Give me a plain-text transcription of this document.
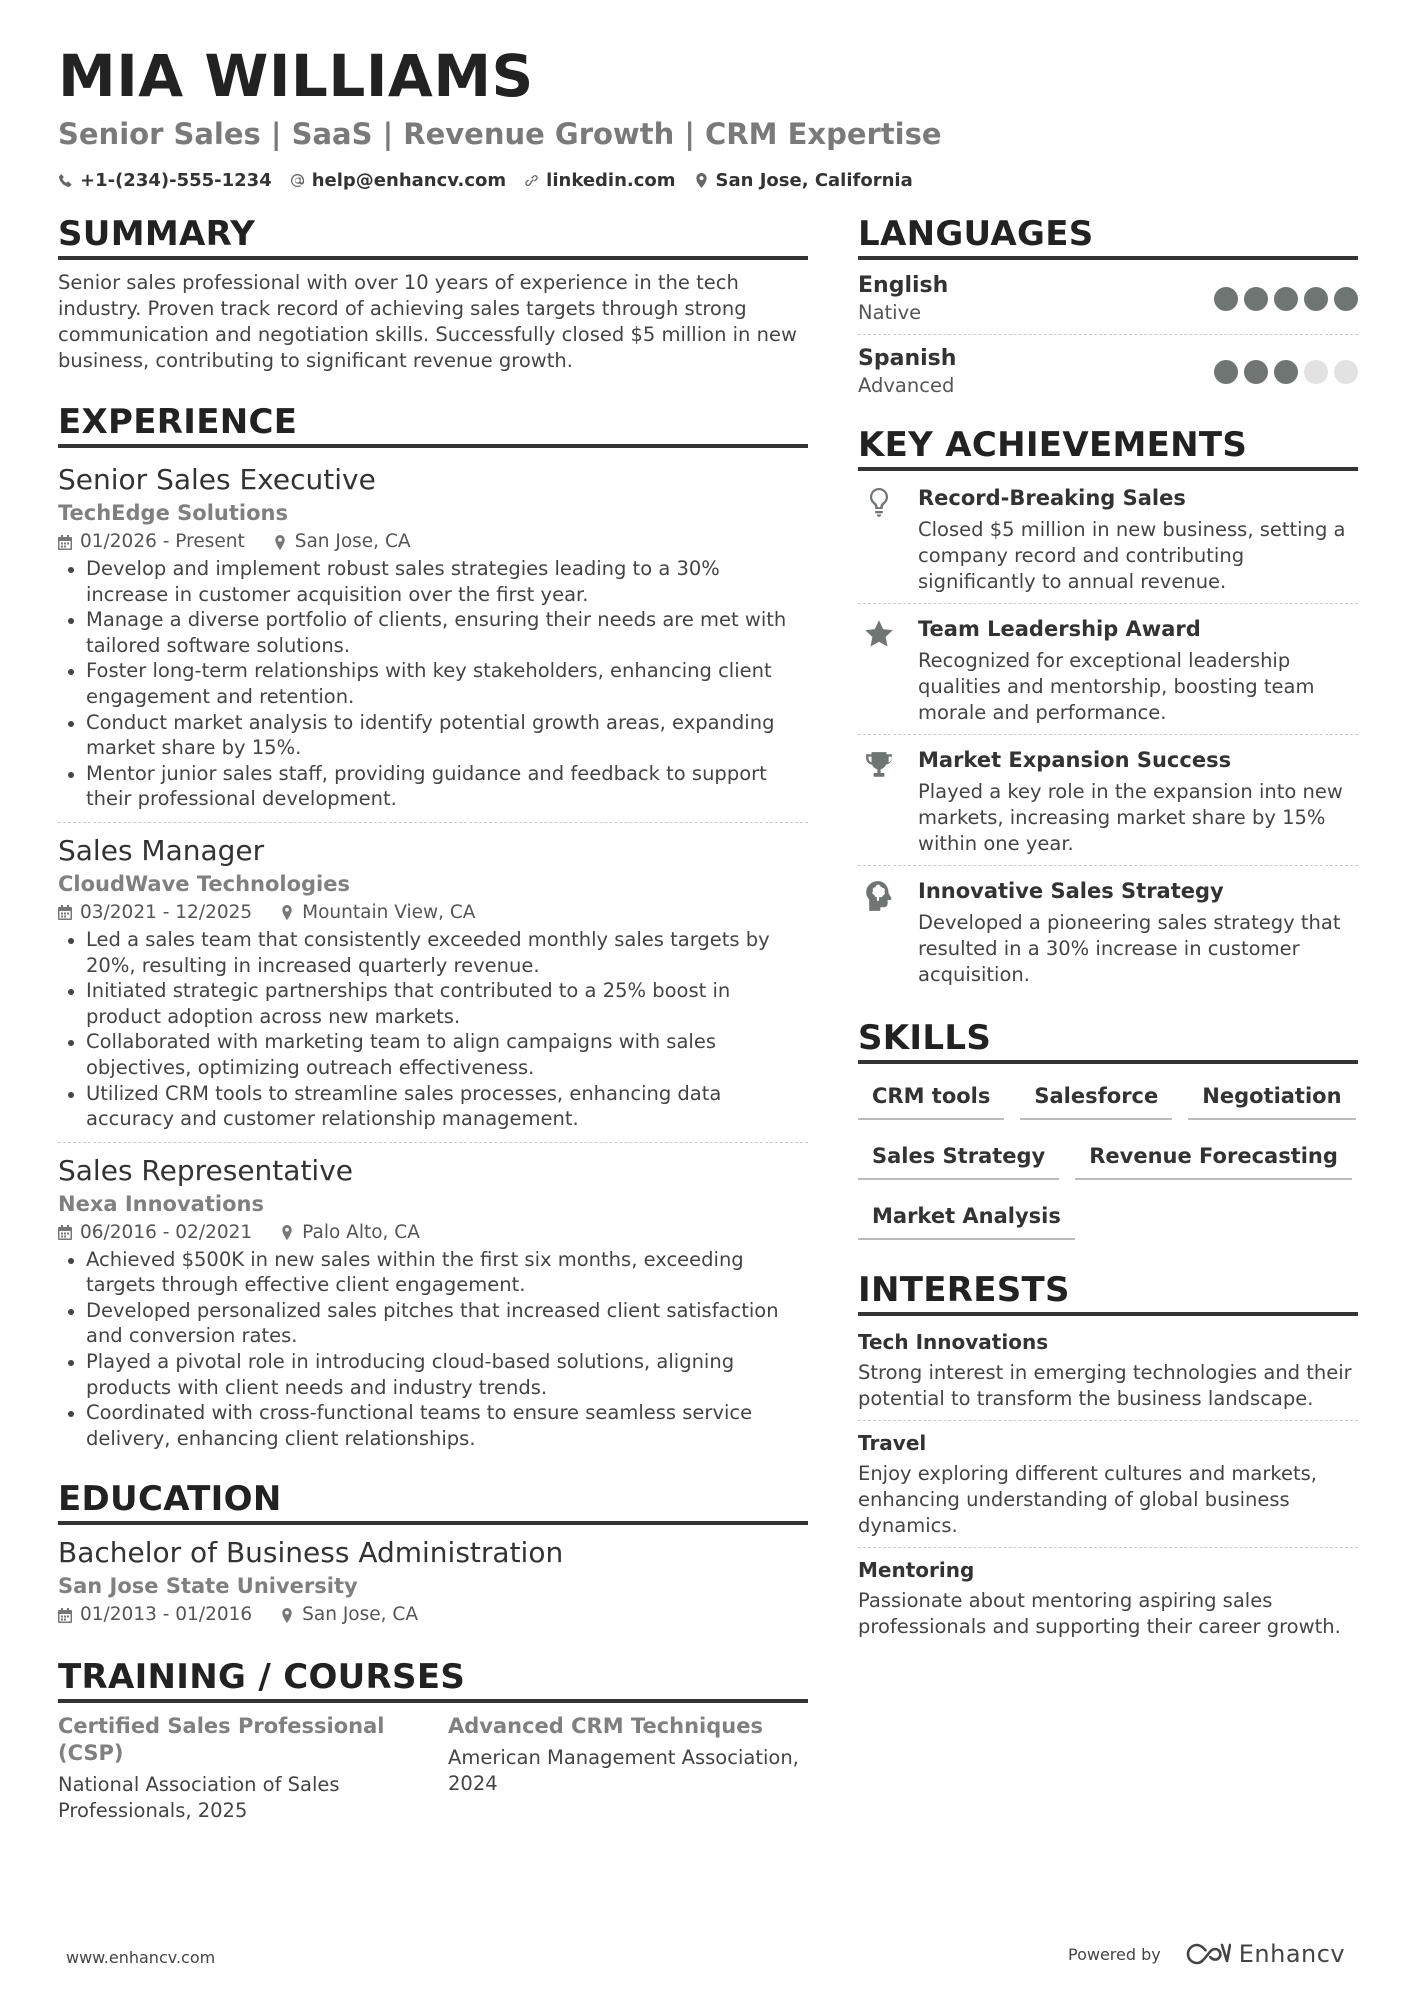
MIA WILLIAMS
Senior Sales | SaaS | Revenue Growth | CRM Expertise
+1-(234)-555-1234 help@enhancv.com linkedin.com San Jose, California
SUMMARY

Senior sales professional with over 10 years of experience in the tech industry. Proven track record of achieving sales targets through strong communication and negotiation skills. Successfully closed $5 million in new business, contributing to significant revenue growth.

EXPERIENCE
Senior Sales Executive
TechEdge Solutions
01/2026 - Present	San Jose, CA
Develop and implement robust sales strategies leading to a 30% increase in customer acquisition over the first year.
Manage a diverse portfolio of clients, ensuring their needs are met with tailored software solutions.
Foster long-term relationships with key stakeholders, enhancing client engagement and retention.
Conduct market analysis to identify potential growth areas, expanding market share by 15%.
Mentor junior sales staff, providing guidance and feedback to support their professional development.
Sales Manager
CloudWave Technologies
03/2021 - 12/2025	Mountain View, CA
Led a sales team that consistently exceeded monthly sales targets by 20%, resulting in increased quarterly revenue.
Initiated strategic partnerships that contributed to a 25% boost in product adoption across new markets.
Collaborated with marketing team to align campaigns with sales objectives, optimizing outreach effectiveness.
Utilized CRM tools to streamline sales processes, enhancing data accuracy and customer relationship management.
Sales Representative
Nexa Innovations
06/2016 - 02/2021	Palo Alto, CA
Achieved $500K in new sales within the first six months, exceeding targets through effective client engagement.
Developed personalized sales pitches that increased client satisfaction and conversion rates.
Played a pivotal role in introducing cloud-based solutions, aligning products with client needs and industry trends.
Coordinated with cross-functional teams to ensure seamless service delivery, enhancing client relationships.
EDUCATION
Bachelor of Business Administration
San Jose State University
01/2013 - 01/2016	San Jose, CA
TRAINING / COURSES
Certified Sales Professional (CSP)
National Association of Sales Professionals, 2025
Advanced CRM Techniques
American Management Association, 2024
LANGUAGES
English
Native
Spanish
Advanced
KEY ACHIEVEMENTS
Record-Breaking Sales
Closed $5 million in new business, setting a company record and contributing significantly to annual revenue.
Team Leadership Award
Recognized for exceptional leadership qualities and mentorship, boosting team morale and performance.
Market Expansion Success
Played a key role in the expansion into new markets, increasing market share by 15% within one year.
Innovative Sales Strategy
Developed a pioneering sales strategy that resulted in a 30% increase in customer acquisition.
SKILLS
CRM tools	Salesforce	Negotiation
Sales Strategy	Revenue Forecasting
Market Analysis
INTERESTS
Tech Innovations
Strong interest in emerging technologies and their potential to transform the business landscape.
Travel
Enjoy exploring different cultures and markets, enhancing understanding of global business dynamics.
Mentoring
Passionate about mentoring aspiring sales professionals and supporting their career growth.
www.enhancv.com	Powered by	Enhancv
